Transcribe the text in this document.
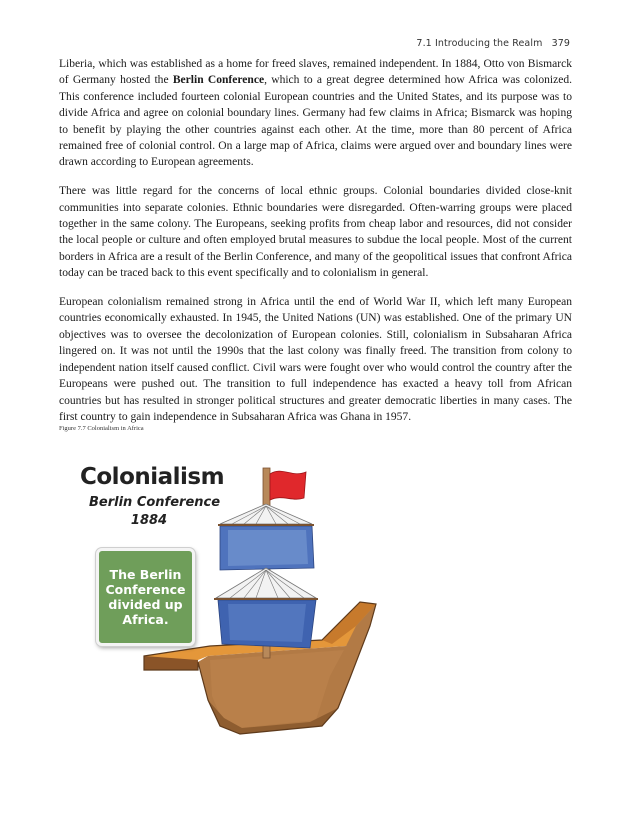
7.1 Introducing the Realm 379

Liberia, which was established as a home for freed slaves, remained independent. In 1884, Otto von Bismarck of Germany hosted the Berlin Conference, which to a great degree determined how Africa was colonized. This conference included fourteen colonial European countries and the United States, and its purpose was to divide Africa and agree on colonial boundary lines. Germany had few claims in Africa; Bismarck was hoping to benefit by playing the other countries against each other. At the time, more than 80 percent of Africa remained free of colonial control. On a large map of Africa, claims were argued over and boundary lines were drawn according to European agreements.

There was little regard for the concerns of local ethnic groups. Colonial boundaries divided close-knit communities into separate colonies. Ethnic boundaries were disregarded. Often-warring groups were placed together in the same colony. The Europeans, seeking profits from cheap labor and resources, did not consider the local people or culture and often employed brutal measures to subdue the local people. Most of the current borders in Africa are a result of the Berlin Conference, and many of the geopolitical issues that confront Africa today can be traced back to this event specifically and to colonialism in general.

European colonialism remained strong in Africa until the end of World War II, which left many European countries economically exhausted. In 1945, the United Nations (UN) was established. One of the primary UN objectives was to oversee the decolonization of European colonies. Still, colonialism in Subsaharan Africa lingered on. It was not until the 1990s that the last colony was finally freed. The transition from colony to independent nation itself caused conflict. Civil wars were fought over who would control the country after the Europeans were pushed out. The transition to full independence has exacted a heavy toll from African countries but has resulted in stronger political structures and greater democratic liberties in many cases. The first country to gain independence in Subsaharan Africa was Ghana in 1957.

Figure 7.7 Colonialism in Africa
Colonialism
Berlin Conference
1884
The Berlin
Conference
divided up
Africa.
